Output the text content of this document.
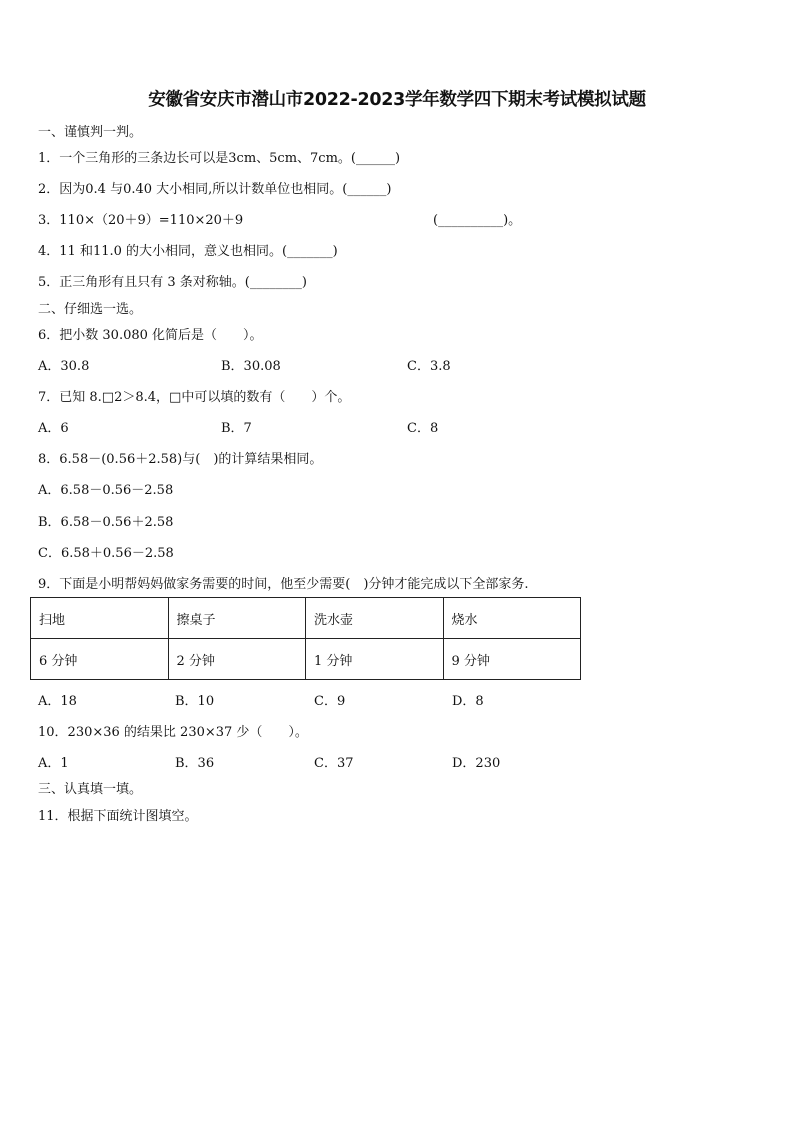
安徽省安庆市潜山市2022-2023学年数学四下期末考试模拟试题
一、谨慎判一判。
1．一个三角形的三条边长可以是3cm、5cm、7cm。(______)
2．因为0.4 与0.40 大小相同,所以计数单位也相同。(______)
3．110×（20＋9）=110×20＋9	(__________)。
4．11 和11.0 的大小相同，意义也相同。(_______)
5．正三角形有且只有 3 条对称轴。(________)
二、仔细选一选。
6．把小数 30.080 化简后是（　　）。
A．30.8	B．30.08	C．3.8
7．已知 8.□2＞8.4，□中可以填的数有（　　）个。
A．6	B．7	C．8
8．6.58－(0.56＋2.58)与(　)的计算结果相同。
A．6.58－0.56－2.58
B．6.58－0.56＋2.58
C．6.58＋0.56－2.58
9．下面是小明帮妈妈做家务需要的时间，他至少需要(　)分钟才能完成以下全部家务.
扫地	擦桌子	洗水壶	烧水
6 分钟	2 分钟	1 分钟	9 分钟
A．18	B．10	C．9	D．8
10．230×36 的结果比 230×37 少（　　）。
A．1	B．36	C．37	D．230
三、认真填一填。
11．根据下面统计图填空。
